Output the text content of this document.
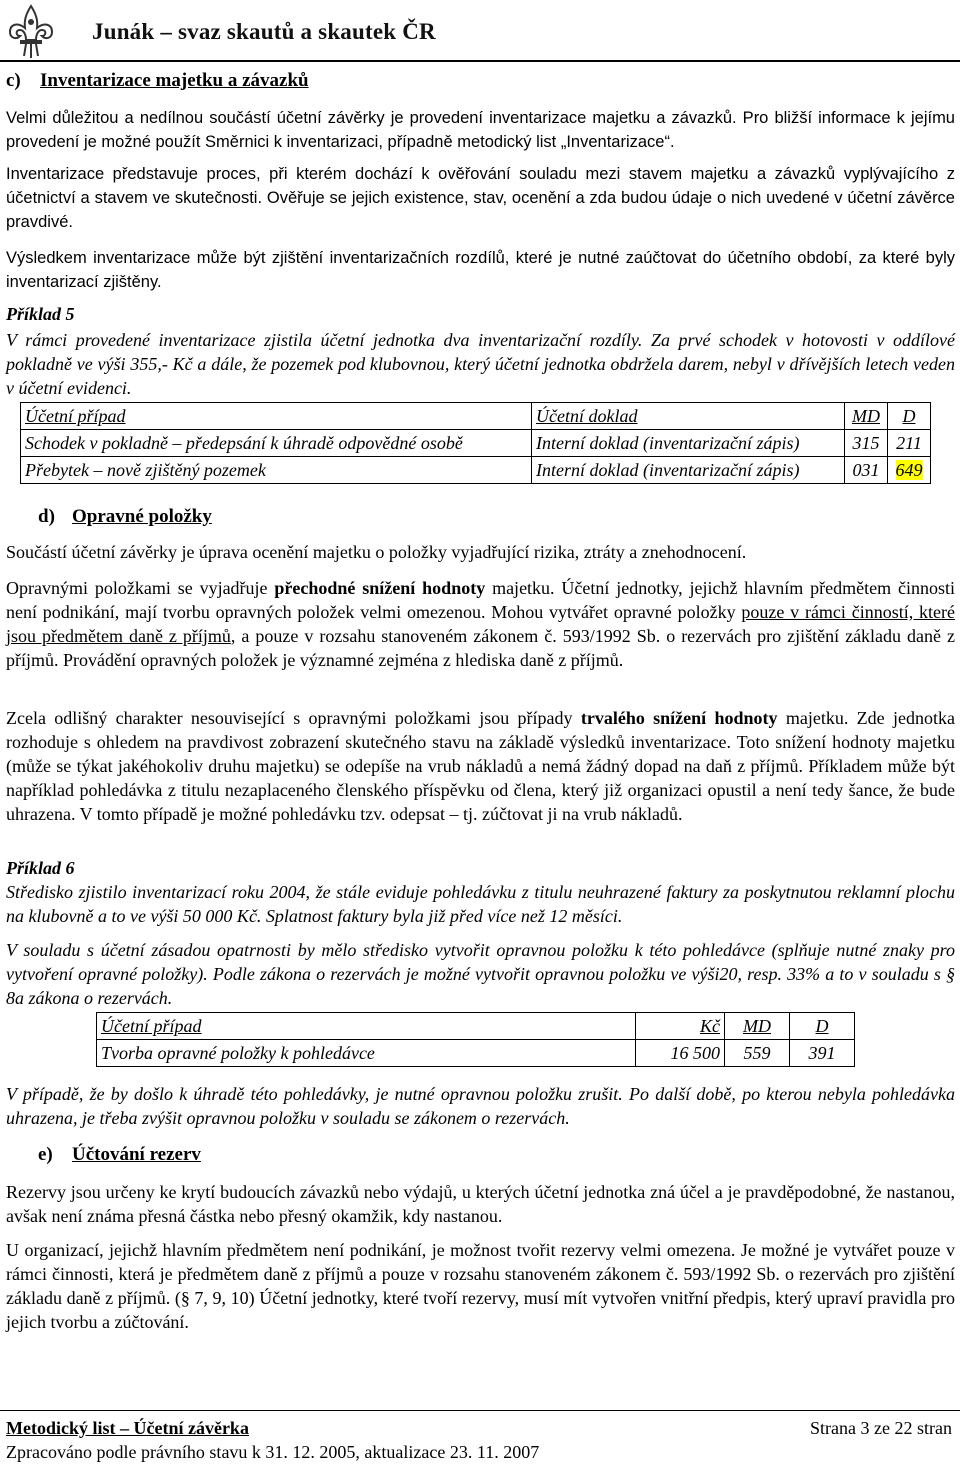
Junák – svaz skautů a skautek ČR
c) Inventarizace majetku a závazků

Velmi důležitou a nedílnou součástí účetní závěrky je provedení inventarizace majetku a závazků. Pro bližší informace k jejímu provedení je možné použít Směrnici k inventarizaci, případně metodický list „Inventarizace“.

Inventarizace představuje proces, při kterém dochází k ověřování souladu mezi stavem majetku a závazků vyplývajícího z účetnictví a stavem ve skutečnosti. Ověřuje se jejich existence, stav, ocenění a zda budou údaje o nich uvedené v účetní závěrce pravdivé.

Výsledkem inventarizace může být zjištění inventarizačních rozdílů, které je nutné zaúčtovat do účetního období, za které byly inventarizací zjištěny.

Příklad 5

V rámci provedené inventarizace zjistila účetní jednotka dva inventarizační rozdíly. Za prvé schodek v hotovosti v oddílové pokladně ve výši 355,- Kč a dále, že pozemek pod klubovnou, který účetní jednotka obdržela darem, nebyl v dřívějších letech veden v účetní evidenci.

Účetní případ	Účetní doklad	MD	D
Schodek v pokladně – předepsání k úhradě odpovědné osobě	Interní doklad (inventarizační zápis)	315	211
Přebytek – nově zjištěný pozemek	Interní doklad (inventarizační zápis)	031	649
d) Opravné položky

Součástí účetní závěrky je úprava ocenění majetku o položky vyjadřující rizika, ztráty a znehodnocení.

Opravnými položkami se vyjadřuje přechodné snížení hodnoty majetku. Účetní jednotky, jejichž hlavním předmětem činnosti není podnikání, mají tvorbu opravných položek velmi omezenou. Mohou vytvářet opravné položky pouze v rámci činností, které jsou předmětem daně z příjmů, a pouze v rozsahu stanoveném zákonem č. 593/1992 Sb. o rezervách pro zjištění základu daně z příjmů. Provádění opravných položek je významné zejména z hlediska daně z příjmů.

Zcela odlišný charakter nesouvisející s opravnými položkami jsou případy trvalého snížení hodnoty majetku. Zde jednotka rozhoduje s ohledem na pravdivost zobrazení skutečného stavu na základě výsledků inventarizace. Toto snížení hodnoty majetku (může se týkat jakéhokoliv druhu majetku) se odepíše na vrub nákladů a nemá žádný dopad na daň z příjmů. Příkladem může být například pohledávka z titulu nezaplaceného členského příspěvku od člena, který již organizaci opustil a není tedy šance, že bude uhrazena. V tomto případě je možné pohledávku tzv. odepsat – tj. zúčtovat ji na vrub nákladů.

Příklad 6

Středisko zjistilo inventarizací roku 2004, že stále eviduje pohledávku z titulu neuhrazené faktury za poskytnutou reklamní plochu na klubovně a to ve výši 50 000 Kč. Splatnost faktury byla již před více než 12 měsíci.

V souladu s účetní zásadou opatrnosti by mělo středisko vytvořit opravnou položku k této pohledávce (splňuje nutné znaky pro vytvoření opravné položky). Podle zákona o rezervách je možné vytvořit opravnou položku ve výši20, resp. 33% a to v souladu s § 8a zákona o rezervách.

Účetní případ	Kč	MD	D
Tvorba opravné položky k pohledávce	16 500	559	391

V případě, že by došlo k úhradě této pohledávky, je nutné opravnou položku zrušit. Po další době, po kterou nebyla pohledávka uhrazena, je třeba zvýšit opravnou položku v souladu se zákonem o rezervách.

e) Účtování rezerv

Rezervy jsou určeny ke krytí budoucích závazků nebo výdajů, u kterých účetní jednotka zná účel a je pravděpodobné, že nastanou, avšak není známa přesná částka nebo přesný okamžik, kdy nastanou.

U organizací, jejichž hlavním předmětem není podnikání, je možnost tvořit rezervy velmi omezena. Je možné je vytvářet pouze v rámci činnosti, která je předmětem daně z příjmů a pouze v rozsahu stanoveném zákonem č. 593/1992 Sb. o rezervách pro zjištění základu daně z příjmů. (§ 7, 9, 10) Účetní jednotky, které tvoří rezervy, musí mít vytvořen vnitřní předpis, který upraví pravidla pro jejich tvorbu a zúčtování.

Metodický list – Účetní závěrka	Strana 3 ze 22 stran
Zpracováno podle právního stavu k 31. 12. 2005, aktualizace 23. 11. 2007
